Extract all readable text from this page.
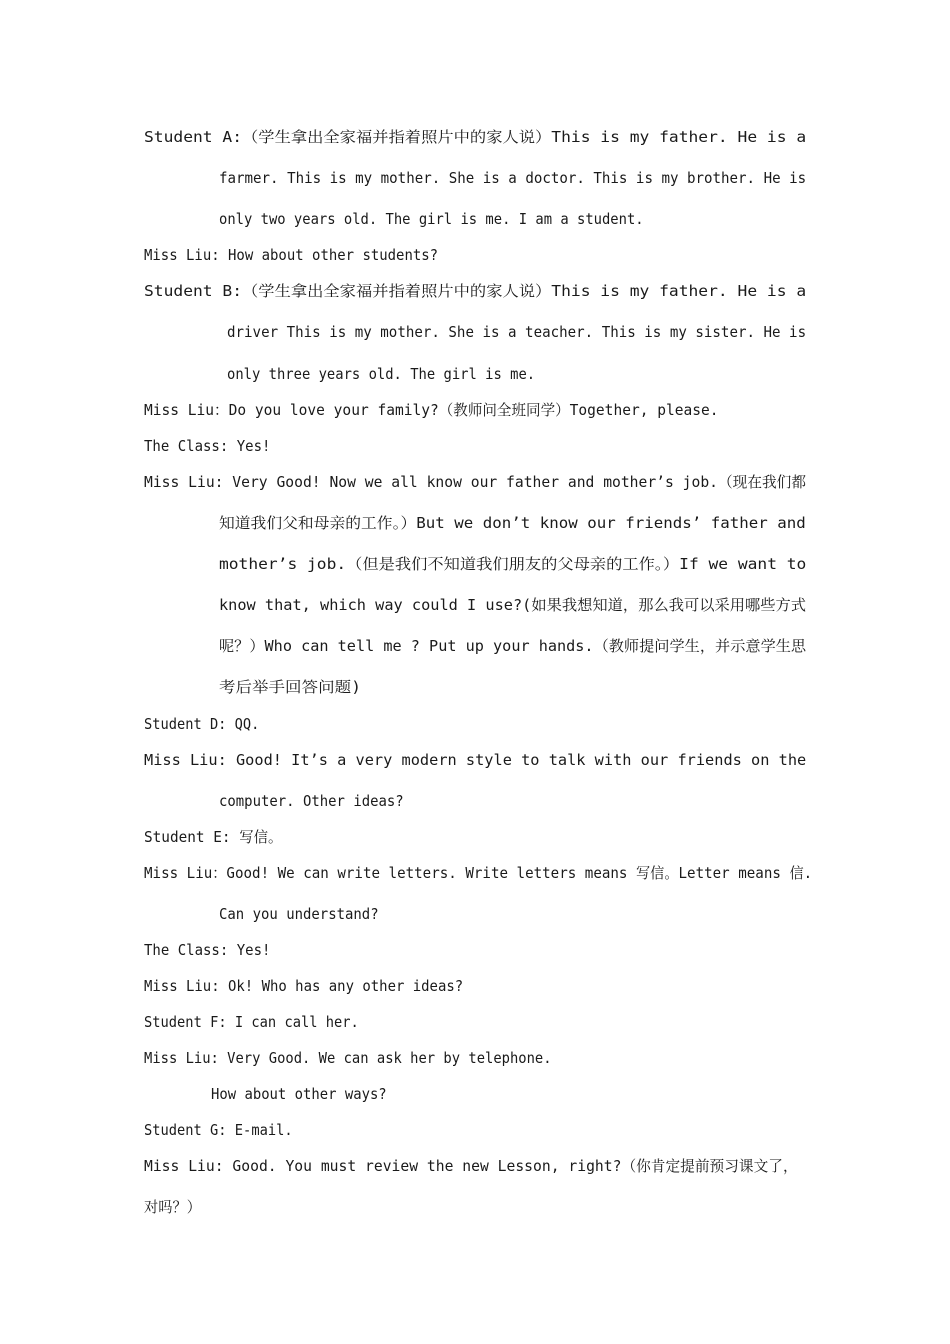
Student A:（学生拿出全家福并指着照片中的家人说）This is my father. He is a
farmer. This is my mother. She is a doctor. This is my brother. He is
only two years old. The girl is me. I am a student.
Miss Liu: How about other students?
Student B:（学生拿出全家福并指着照片中的家人说）This is my father. He is a
driver This is my mother. She is a teacher. This is my sister. He is
only three years old. The girl is me.
Miss Liu：Do you love your family?（教师问全班同学）Together, please.
The Class: Yes!
Miss Liu: Very Good! Now we all know our father and mother’s job.（现在我们都
知道我们父和母亲的工作。）But we don’t know our friends’ father and
mother’s job.（但是我们不知道我们朋友的父母亲的工作。）If we want to
know that, which way could I use?(如果我想知道，那么我可以采用哪些方式
呢？）Who can tell me ? Put up your hands.（教师提问学生，并示意学生思
考后举手回答问题)
Student D: QQ.
Miss Liu: Good! It’s a very modern style to talk with our friends on the
computer. Other ideas?
Student E: 写信。
Miss Liu：Good! We can write letters. Write letters means 写信。Letter means 信.
Can you understand?
The Class: Yes!
Miss Liu: Ok! Who has any other ideas?
Student F: I can call her.
Miss Liu: Very Good. We can ask her by telephone.
How about other ways?
Student G: E-mail.
Miss Liu: Good. You must review the new Lesson, right?（你肯定提前预习课文了，
对吗？）
